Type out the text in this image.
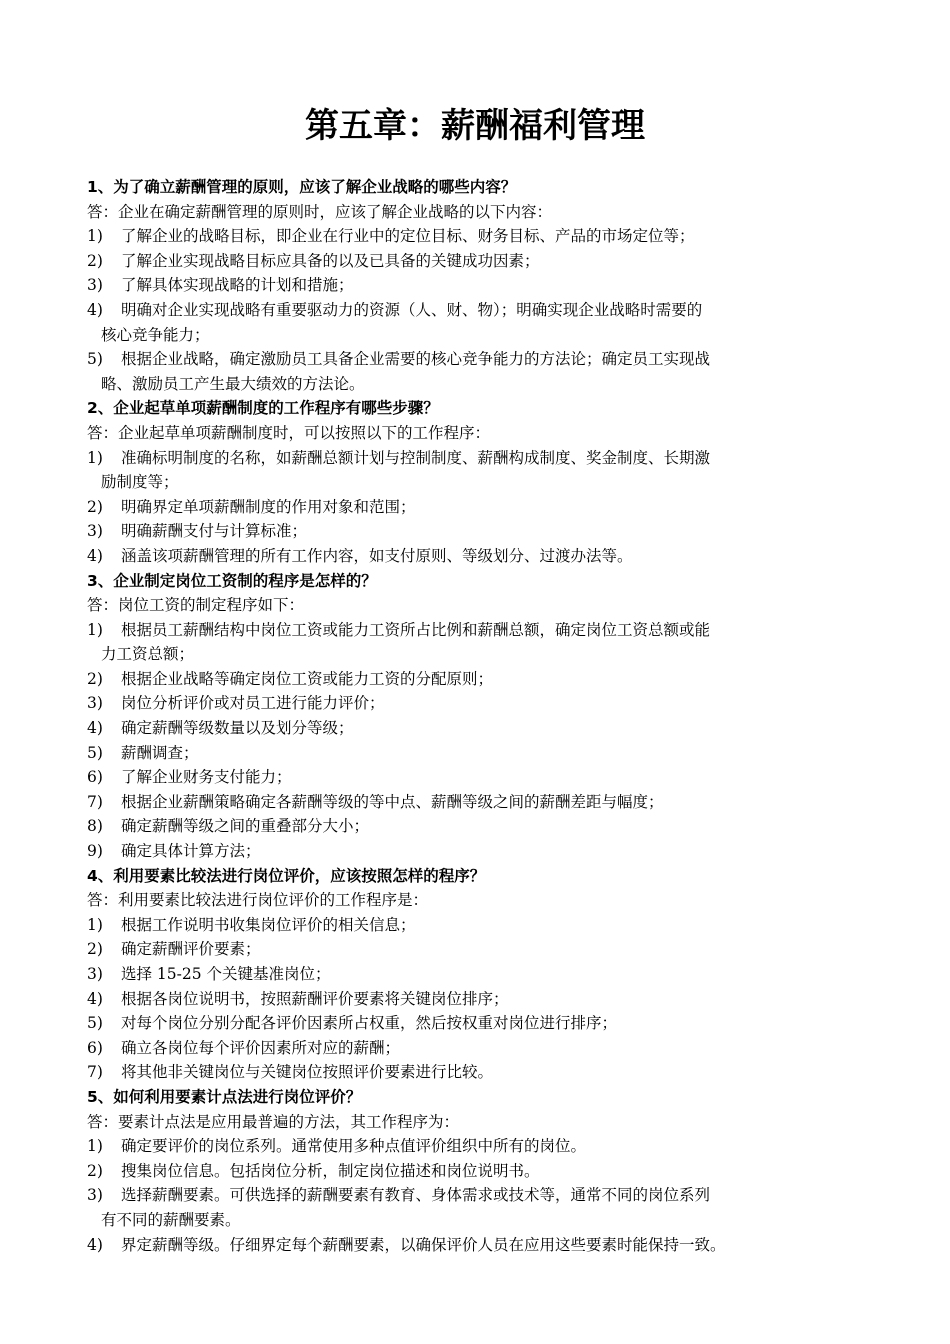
第五章：薪酬福利管理
1、为了确立薪酬管理的原则，应该了解企业战略的哪些内容？
答：企业在确定薪酬管理的原则时，应该了解企业战略的以下内容：
1)	了解企业的战略目标，即企业在行业中的定位目标、财务目标、产品的市场定位等；
2)	了解企业实现战略目标应具备的以及已具备的关键成功因素；
3)	了解具体实现战略的计划和措施；
4)	明确对企业实现战略有重要驱动力的资源（人、财、物）；明确实现企业战略时需要的
核心竞争能力；
5)	根据企业战略，确定激励员工具备企业需要的核心竞争能力的方法论；确定员工实现战
略、激励员工产生最大绩效的方法论。
2、企业起草单项薪酬制度的工作程序有哪些步骤？
答：企业起草单项薪酬制度时，可以按照以下的工作程序：
1)	准确标明制度的名称，如薪酬总额计划与控制制度、薪酬构成制度、奖金制度、长期激
励制度等；
2)	明确界定单项薪酬制度的作用对象和范围；
3)	明确薪酬支付与计算标准；
4)	涵盖该项薪酬管理的所有工作内容，如支付原则、等级划分、过渡办法等。
3、企业制定岗位工资制的程序是怎样的？
答：岗位工资的制定程序如下：
1)	根据员工薪酬结构中岗位工资或能力工资所占比例和薪酬总额，确定岗位工资总额或能
力工资总额；
2)	根据企业战略等确定岗位工资或能力工资的分配原则；
3)	岗位分析评价或对员工进行能力评价；
4)	确定薪酬等级数量以及划分等级；
5)	薪酬调查；
6)	了解企业财务支付能力；
7)	根据企业薪酬策略确定各薪酬等级的等中点、薪酬等级之间的薪酬差距与幅度；
8)	确定薪酬等级之间的重叠部分大小；
9)	确定具体计算方法；
4、利用要素比较法进行岗位评价，应该按照怎样的程序？
答：利用要素比较法进行岗位评价的工作程序是：
1)	根据工作说明书收集岗位评价的相关信息；
2)	确定薪酬评价要素；
3)	选择 15-25 个关键基准岗位；
4)	根据各岗位说明书，按照薪酬评价要素将关键岗位排序；
5)	对每个岗位分别分配各评价因素所占权重，然后按权重对岗位进行排序；
6)	确立各岗位每个评价因素所对应的薪酬；
7)	将其他非关键岗位与关键岗位按照评价要素进行比较。
5、如何利用要素计点法进行岗位评价？
答：要素计点法是应用最普遍的方法，其工作程序为：
1)	确定要评价的岗位系列。通常使用多种点值评价组织中所有的岗位。
2)	搜集岗位信息。包括岗位分析，制定岗位描述和岗位说明书。
3)	选择薪酬要素。可供选择的薪酬要素有教育、身体需求或技术等，通常不同的岗位系列
有不同的薪酬要素。
4)	界定薪酬等级。仔细界定每个薪酬要素，以确保评价人员在应用这些要素时能保持一致。
